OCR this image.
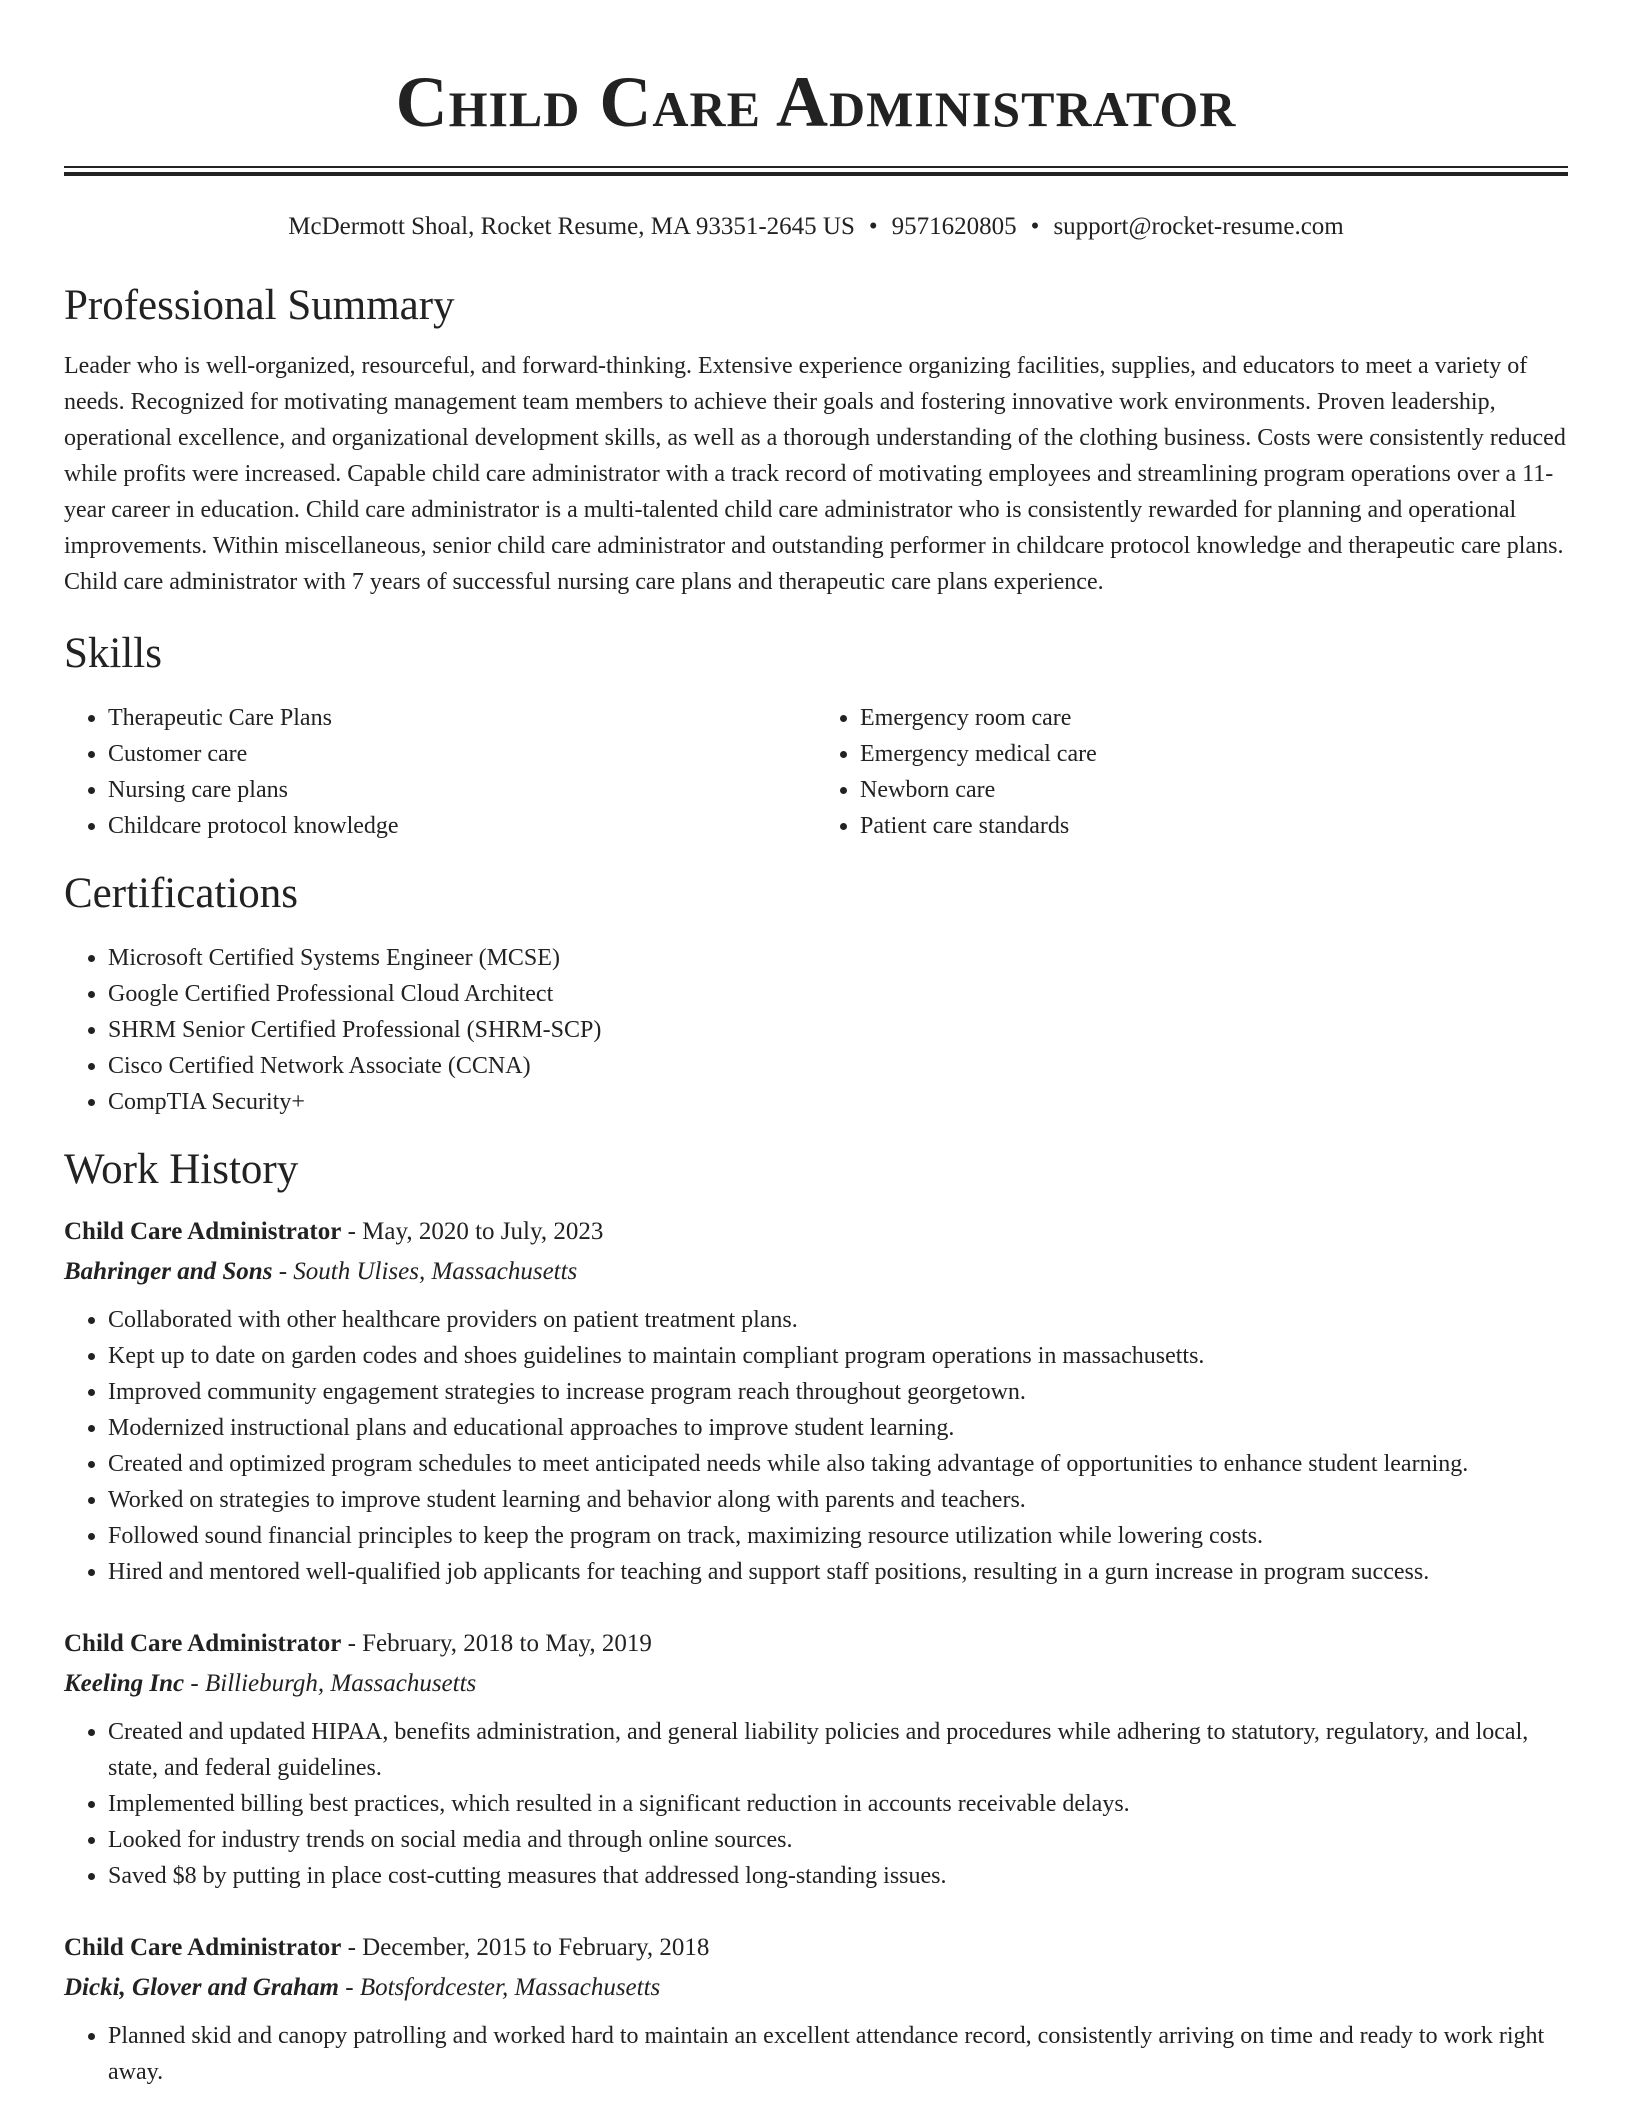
Child Care Administrator
McDermott Shoal, Rocket Resume, MA 93351-2645 US • 9571620805 • support@rocket-resume.com
Professional Summary

Leader who is well-organized, resourceful, and forward-thinking. Extensive experience organizing facilities, supplies, and educators to meet a variety of needs. Recognized for motivating management team members to achieve their goals and fostering innovative work environments. Proven leadership, operational excellence, and organizational development skills, as well as a thorough understanding of the clothing business. Costs were consistently reduced while profits were increased. Capable child care administrator with a track record of motivating employees and streamlining program operations over a 11-year career in education. Child care administrator is a multi-talented child care administrator who is consistently rewarded for planning and operational improvements. Within miscellaneous, senior child care administrator and outstanding performer in childcare protocol knowledge and therapeutic care plans. Child care administrator with 7 years of successful nursing care plans and therapeutic care plans experience.

Skills
• Therapeutic Care Plans
• Customer care
• Nursing care plans
• Childcare protocol knowledge
• Emergency room care
• Emergency medical care
• Newborn care
• Patient care standards
Certifications
• Microsoft Certified Systems Engineer (MCSE)
• Google Certified Professional Cloud Architect
• SHRM Senior Certified Professional (SHRM-SCP)
• Cisco Certified Network Associate (CCNA)
• CompTIA Security+
Work History
Child Care Administrator - May, 2020 to July, 2023
Bahringer and Sons - South Ulises, Massachusetts
• Collaborated with other healthcare providers on patient treatment plans.
• Kept up to date on garden codes and shoes guidelines to maintain compliant program operations in massachusetts.
• Improved community engagement strategies to increase program reach throughout georgetown.
• Modernized instructional plans and educational approaches to improve student learning.
• Created and optimized program schedules to meet anticipated needs while also taking advantage of opportunities to enhance student learning.
• Worked on strategies to improve student learning and behavior along with parents and teachers.
• Followed sound financial principles to keep the program on track, maximizing resource utilization while lowering costs.
• Hired and mentored well-qualified job applicants for teaching and support staff positions, resulting in a gurn increase in program success.
Child Care Administrator - February, 2018 to May, 2019
Keeling Inc - Billieburgh, Massachusetts
• Created and updated HIPAA, benefits administration, and general liability policies and procedures while adhering to statutory, regulatory, and local, state, and federal guidelines.
• Implemented billing best practices, which resulted in a significant reduction in accounts receivable delays.
• Looked for industry trends on social media and through online sources.
• Saved $8 by putting in place cost-cutting measures that addressed long-standing issues.
Child Care Administrator - December, 2015 to February, 2018
Dicki, Glover and Graham - Botsfordcester, Massachusetts
• Planned skid and canopy patrolling and worked hard to maintain an excellent attendance record, consistently arriving on time and ready to work right away.
